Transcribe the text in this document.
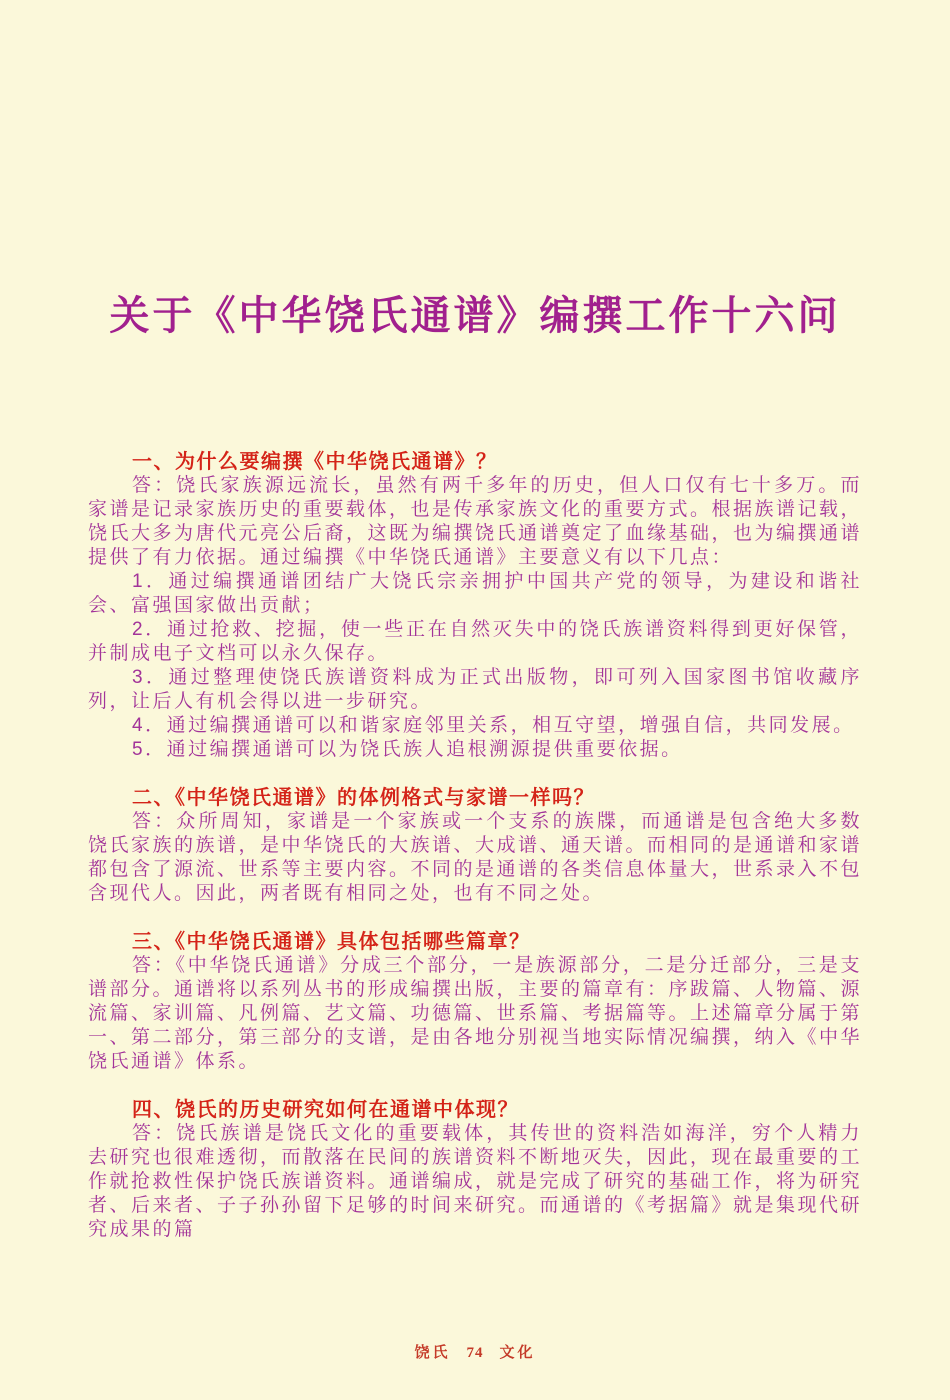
关于《中华饶氏通谱》编撰工作十六问
一、为什么要编撰《中华饶氏通谱》？

答：饶氏家族源远流长，虽然有两千多年的历史，但人口仅有七十多万。而家谱是记录家族历史的重要载体，也是传承家族文化的重要方式。根据族谱记载，饶氏大多为唐代元亮公后裔，这既为编撰饶氏通谱奠定了血缘基础，也为编撰通谱提供了有力依据。通过编撰《中华饶氏通谱》主要意义有以下几点：

1．通过编撰通谱团结广大饶氏宗亲拥护中国共产党的领导，为建设和谐社会、富强国家做出贡献；

2．通过抢救、挖掘，使一些正在自然灭失中的饶氏族谱资料得到更好保管，并制成电子文档可以永久保存。

3．通过整理使饶氏族谱资料成为正式出版物，即可列入国家图书馆收藏序列，让后人有机会得以进一步研究。

4．通过编撰通谱可以和谐家庭邻里关系，相互守望，增强自信，共同发展。

5．通过编撰通谱可以为饶氏族人追根溯源提供重要依据。

二、《中华饶氏通谱》的体例格式与家谱一样吗？

答：众所周知，家谱是一个家族或一个支系的族牒，而通谱是包含绝大多数饶氏家族的族谱，是中华饶氏的大族谱、大成谱、通天谱。而相同的是通谱和家谱都包含了源流、世系等主要内容。不同的是通谱的各类信息体量大，世系录入不包含现代人。因此，两者既有相同之处，也有不同之处。

三、《中华饶氏通谱》具体包括哪些篇章？

答：《中华饶氏通谱》分成三个部分，一是族源部分，二是分迁部分，三是支谱部分。通谱将以系列丛书的形成编撰出版，主要的篇章有：序跋篇、人物篇、源流篇、家训篇、凡例篇、艺文篇、功德篇、世系篇、考据篇等。上述篇章分属于第一、第二部分，第三部分的支谱，是由各地分别视当地实际情况编撰，纳入《中华饶氏通谱》体系。

四、饶氏的历史研究如何在通谱中体现？

答：饶氏族谱是饶氏文化的重要载体，其传世的资料浩如海洋，穷个人精力去研究也很难透彻，而散落在民间的族谱资料不断地灭失，因此，现在最重要的工作就抢救性保护饶氏族谱资料。通谱编成，就是完成了研究的基础工作，将为研究者、后来者、子子孙孙留下足够的时间来研究。而通谱的《考据篇》就是集现代研究成果的篇

饶氏 74 文化
